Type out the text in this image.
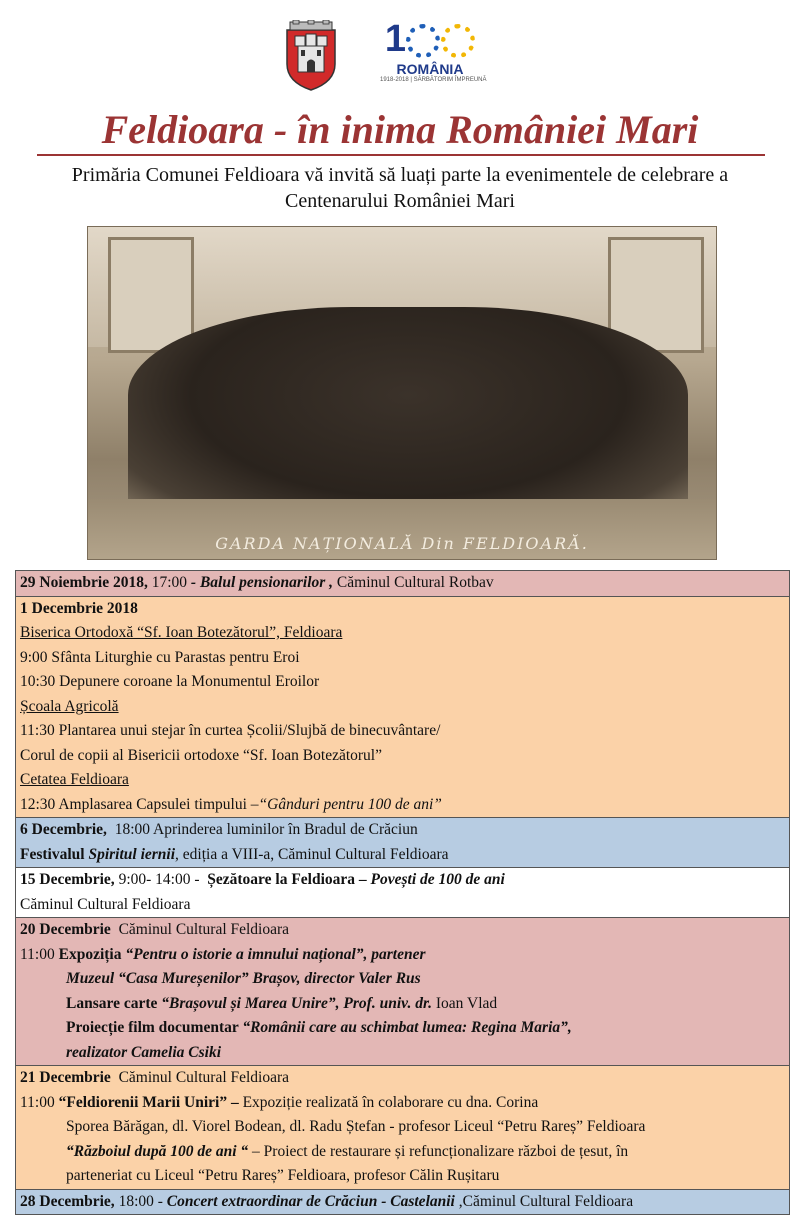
1
ROMÂNIA
1918-2018 | SĂRBĂTORIM ÎMPREUNĂ
Feldioara - în inima României Mari
Primăria Comunei Feldioara vă invită să luați parte la evenimentele de celebrare a
Centenarului României Mari
GARDA NAȚIONALĂ Din FELDIOARĂ.
29 Noiembrie 2018, 17:00 - Balul pensionarilor , Căminul Cultural Rotbav
1 Decembrie 2018
Biserica Ortodoxă “Sf. Ioan Botezătorul”, Feldioara
9:00 Sfânta Liturghie cu Parastas pentru Eroi
10:30 Depunere coroane la Monumentul Eroilor
Școala Agricolă
11:30 Plantarea unui stejar în curtea Școlii/Slujbă de binecuvântare/
Corul de copii al Bisericii ortodoxe “Sf. Ioan Botezătorul”
Cetatea Feldioara
12:30 Amplasarea Capsulei timpului –“Gânduri pentru 100 de ani”
6 Decembrie,  18:00 Aprinderea luminilor în Bradul de Crăciun
Festivalul Spiritul iernii, ediția a VIII-a, Căminul Cultural Feldioara
15 Decembrie, 9:00- 14:00 -  Șezătoare la Feldioara – Povești de 100 de ani
Căminul Cultural Feldioara
20 Decembrie  Căminul Cultural Feldioara
11:00 Expoziția “Pentru o istorie a imnului național”, partener
Muzeul “Casa Mureșenilor” Brașov, director Valer Rus
Lansare carte “Brașovul și Marea Unire”, Prof. univ. dr. Ioan Vlad
Proiecție film documentar “Românii care au schimbat lumea: Regina Maria”,
realizator Camelia Csiki
21 Decembrie  Căminul Cultural Feldioara
11:00 “Feldiorenii Marii Uniri” – Expoziție realizată în colaborare cu dna. Corina
Sporea Bărăgan, dl. Viorel Bodean, dl. Radu Ștefan - profesor Liceul “Petru Rareș” Feldioara
“Războiul după 100 de ani “ – Proiect de restaurare și refuncționalizare război de țesut, în
parteneriat cu Liceul “Petru Rareș” Feldioara, profesor Călin Rușitaru
28 Decembrie, 18:00 - Concert extraordinar de Crăciun - Castelanii ,Căminul Cultural Feldioara
